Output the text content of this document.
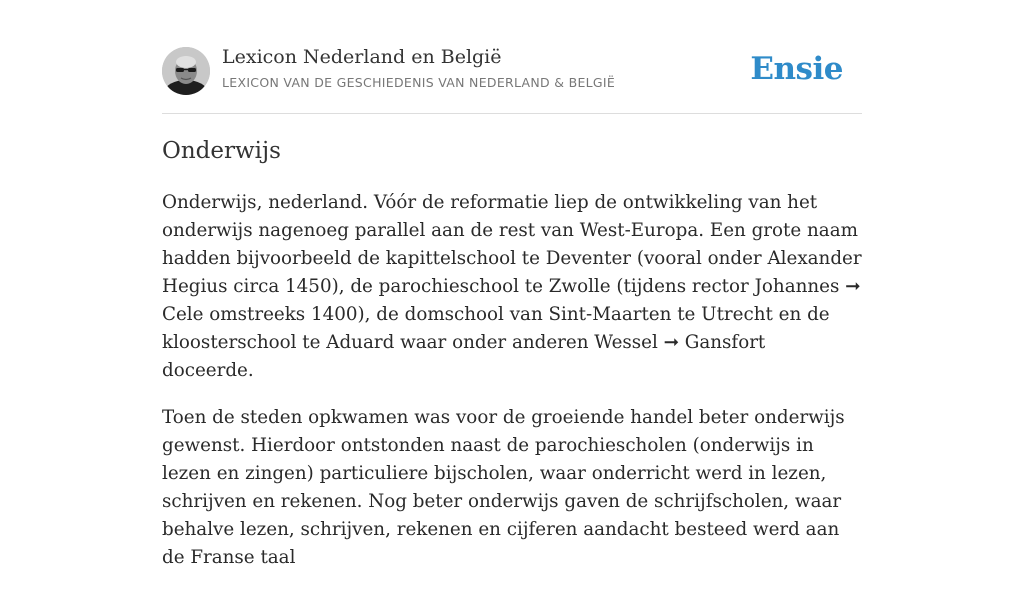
Lexicon Nederland en België
LEXICON VAN DE GESCHIEDENIS VAN NEDERLAND & BELGIË	Ensie
Onderwijs

Onderwijs, nederland. Vóór de reformatie liep de ontwikkeling van het onderwijs nagenoeg parallel aan de rest van West-Europa. Een grote naam hadden bijvoorbeeld de kapittelschool te Deventer (vooral onder Alexander Hegius circa 1450), de parochieschool te Zwolle (tijdens rector Johannes ➞ Cele omstreeks 1400), de domschool van Sint-Maarten te Utrecht en de kloosterschool te Aduard waar onder anderen Wessel ➞ Gansfort doceerde.

Toen de steden opkwamen was voor de groeiende handel beter onderwijs gewenst. Hierdoor ontstonden naast de parochiescholen (onderwijs in lezen en zingen) particuliere bijscholen, waar onderricht werd in lezen, schrijven en rekenen. Nog beter onderwijs gaven de schrijfscholen, waar behalve lezen, schrijven, rekenen en cijferen aandacht besteed werd aan de Franse taal
